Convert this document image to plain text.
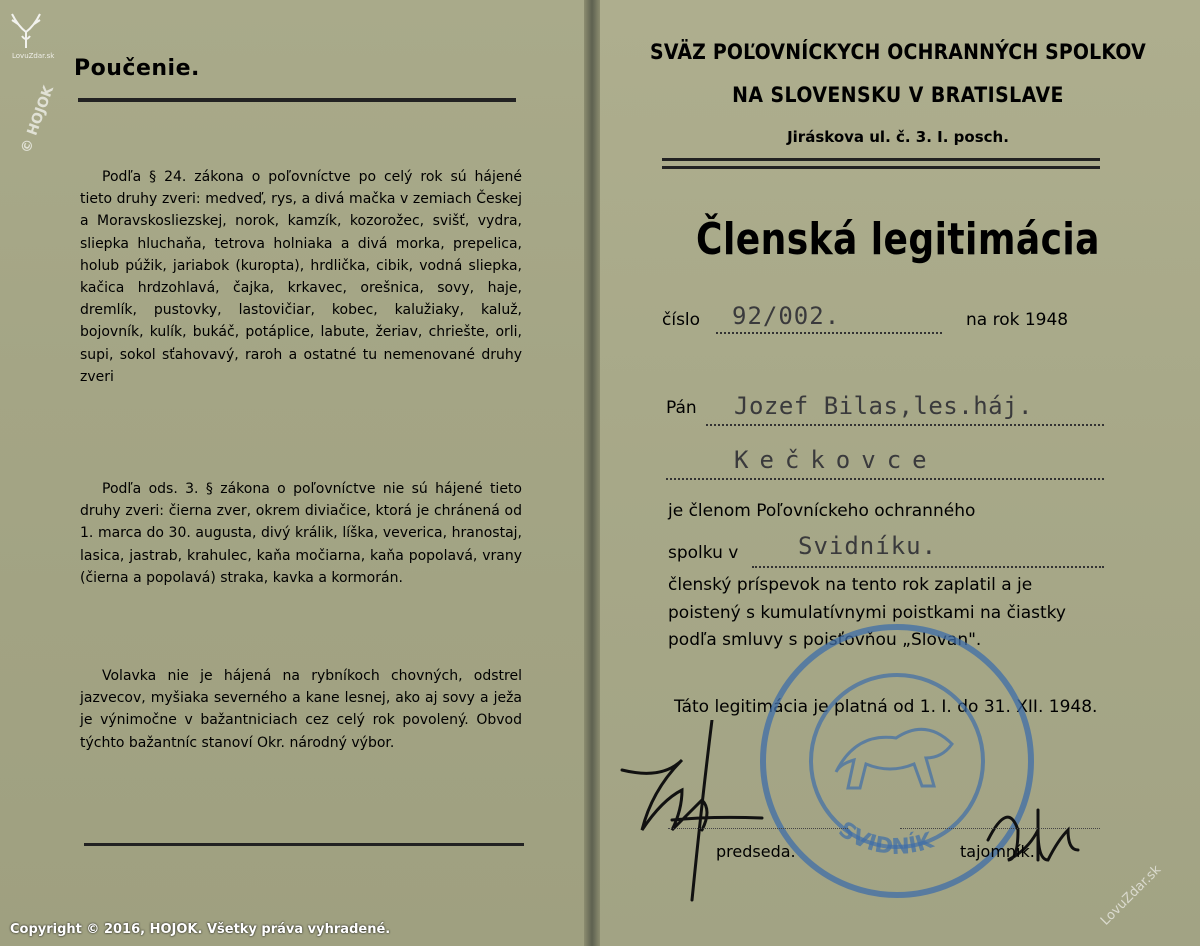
Poučenie.
Podľa § 24. zákona o poľovníctve po celý rok sú hájené tieto druhy zveri: medveď, rys, a divá mačka v zemiach Českej a Moravskosliezskej, norok, kamzík, kozorožec, svišť, vydra, sliepka hluchaňa, tetrova holniaka a divá morka, prepelica, holub púžik, jariabok (kuropta), hrdlička, cibik, vodná sliepka, kačica hrdzohlavá, čajka, krkavec, orešnica, sovy, haje, dremlík, pustovky, lastovičiar, kobec, kalužiaky, kaluž, bojovník, kulík, bukáč, potáplice, labute, žeriav, chriešte, orli, supi, sokol sťahovavý, raroh a ostatné tu nemenované druhy zveri
Podľa ods. 3. § zákona o poľovníctve nie sú hájené tieto druhy zveri: čierna zver, okrem diviačice, ktorá je chránená od 1. marca do 30. augusta, divý králik, líška, veverica, hranostaj, lasica, jastrab, krahulec, kaňa močiarna, kaňa popolavá, vrany (čierna a popolavá) straka, kavka a kormorán.
Volavka nie je hájená na rybníkoch chovných, odstrel jazvecov, myšiaka severného a kane lesnej, ako aj sovy a ježa je výnimočne v bažantniciach cez celý rok povolený. Obvod týchto bažantníc stanoví Okr. národný výbor.
SVÄZ POĽOVNÍCKYCH OCHRANNÝCH SPOLKOV
NA SLOVENSKU V BRATISLAVE
Jiráskova ul. č. 3. I. posch.
Členská legitimácia
číslo 92/002.	na rok 1948
Pán Jozef Bilas,les.háj.
Kečkovce
je členom Poľovníckeho ochranného
spolku v Svidníku.
členský príspevok na tento rok zaplatil a je poistený s kumulatívnymi poistkami na čiastky podľa smluvy s poisťovňou „Slovan".
Táto legitimácia je platná od 1. I. do 31. XII. 1948.
SVIDNÍK
predseda.	tajomník.
LovuZdar.sk
© HOJOK
LovuZdar.sk
Copyright © 2016, HOJOK. Všetky práva vyhradené.
